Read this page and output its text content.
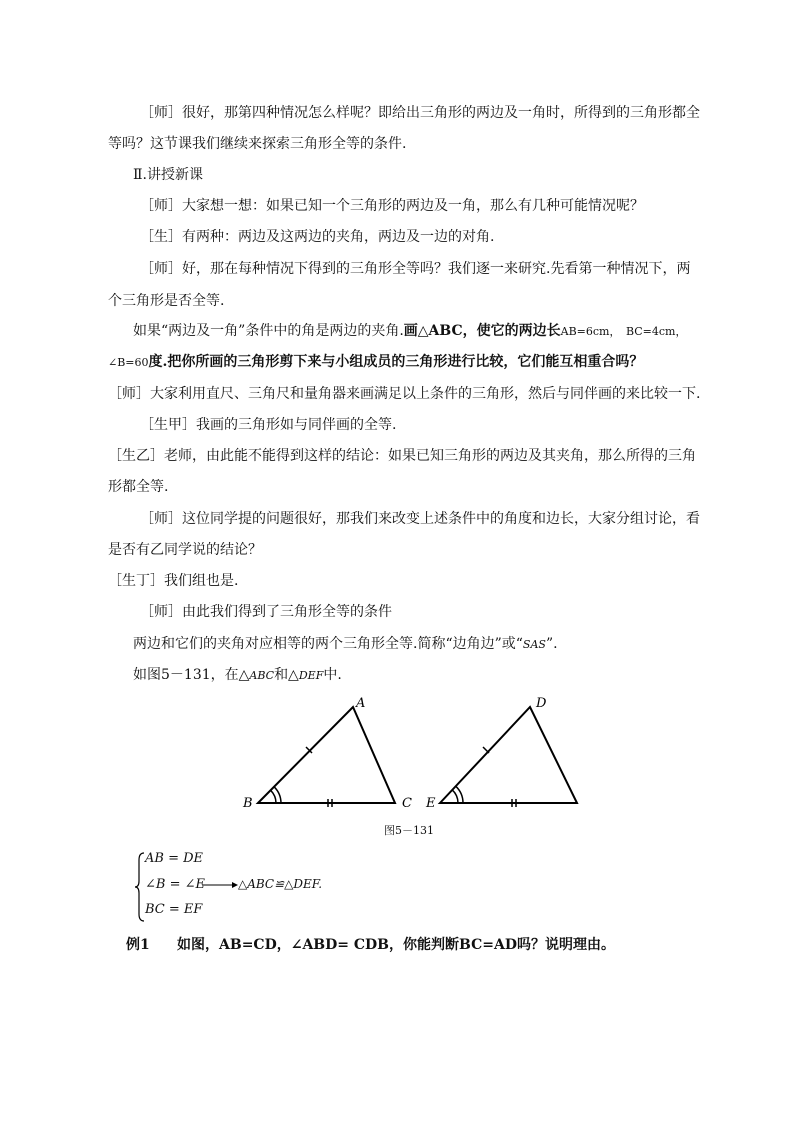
［师］很好，那第四种情况怎么样呢？即给出三角形的两边及一角时，所得到的三角形都全

等吗？这节课我们继续来探索三角形全等的条件.

Ⅱ.讲授新课

［师］大家想一想：如果已知一个三角形的两边及一角，那么有几种可能情况呢？

［生］有两种：两边及这两边的夹角，两边及一边的对角.

［师］好，那在每种情况下得到的三角形全等吗？我们逐一来研究.先看第一种情况下，两

个三角形是否全等.

如果“两边及一角”条件中的角是两边的夹角.画△ABC，使它的两边长AB=6cm，　BC=4cm，

∠B=60度.把你所画的三角形剪下来与小组成员的三角形进行比较，它们能互相重合吗？

［师］大家利用直尺、三角尺和量角器来画满足以上条件的三角形，然后与同伴画的来比较一下.

［生甲］我画的三角形如与同伴画的全等.

［生乙］老师，由此能不能得到这样的结论：如果已知三角形的两边及其夹角，那么所得的三角

形都全等.

［师］这位同学提的问题很好，那我们来改变上述条件中的角度和边长，大家分组讨论，看

是否有乙同学说的结论？

［生丁］我们组也是.

［师］由此我们得到了三角形全等的条件

两边和它们的夹角对应相等的两个三角形全等.简称“边角边”或“SAS”.

如图5－131，在△ABC和△DEF中.

A
B	C
D
E

图5－131

AB = DE
∠B = ∠E	△ABC≌△DEF.
BC = EF

例1 如图，AB=CD，∠ABD= CDB，你能判断BC=AD吗？说明理由。
